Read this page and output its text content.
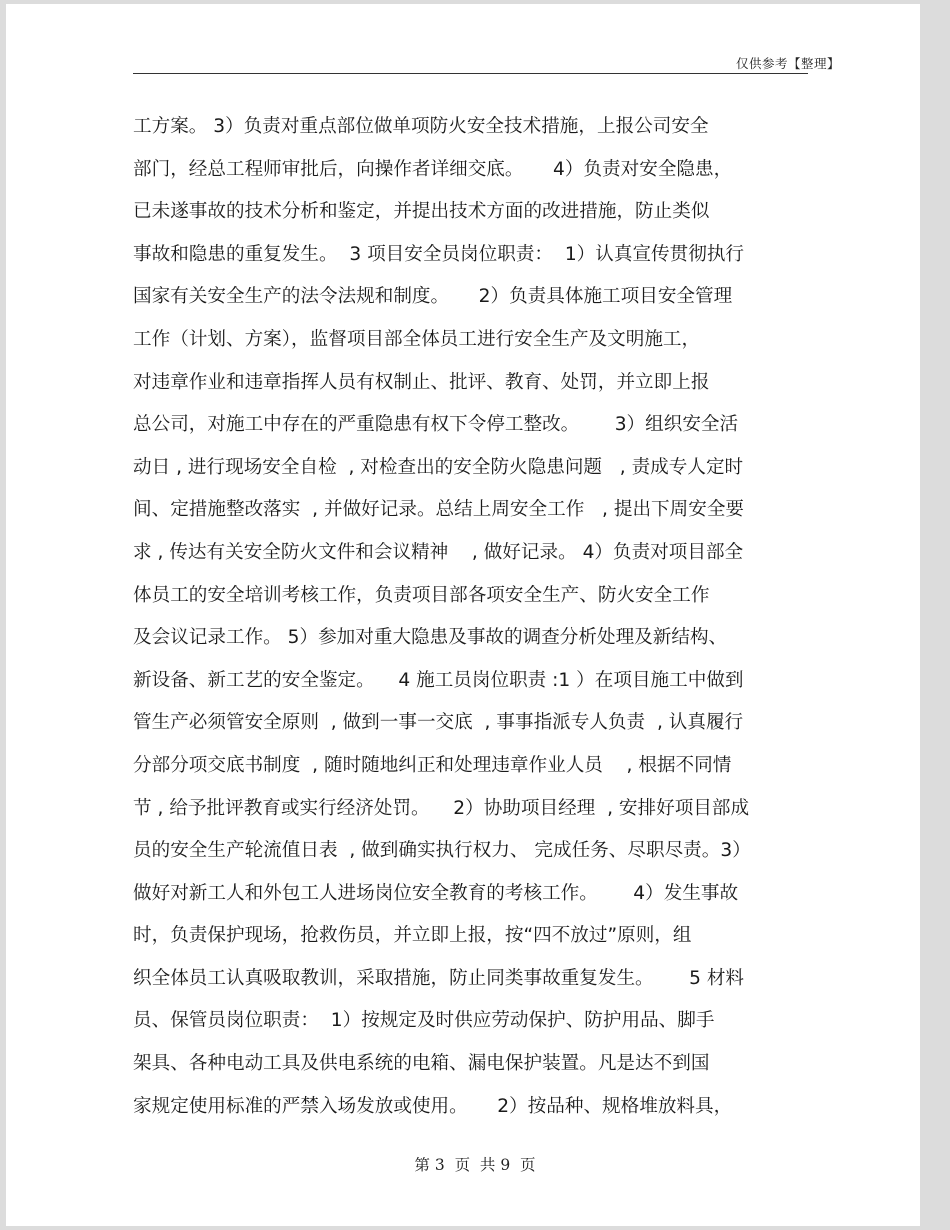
仅供参考【整理】
工方案。 3）负责对重点部位做单项防火安全技术措施，上报公司安全
部门，经总工程师审批后，向操作者详细交底。     4）负责对安全隐患，
已未遂事故的技术分析和鉴定，并提出技术方面的改进措施，防止类似
事故和隐患的重复发生。  3 项目安全员岗位职责：  1）认真宣传贯彻执行
国家有关安全生产的法令法规和制度。     2）负责具体施工项目安全管理
工作（计划、方案），监督项目部全体员工进行安全生产及文明施工，
对违章作业和违章指挥人员有权制止、批评、教育、处罚，并立即上报
总公司，对施工中存在的严重隐患有权下令停工整改。      3）组织安全活
动日 , 进行现场安全自检  , 对检查出的安全防火隐患问题   , 责成专人定时
间、定措施整改落实  , 并做好记录。总结上周安全工作   , 提出下周安全要
求 , 传达有关安全防火文件和会议精神    , 做好记录。 4）负责对项目部全
体员工的安全培训考核工作，负责项目部各项安全生产、防火安全工作
及会议记录工作。 5）参加对重大隐患及事故的调查分析处理及新结构、
新设备、新工艺的安全鉴定。    4 施工员岗位职责 :1 ）在项目施工中做到
管生产必须管安全原则  , 做到一事一交底  , 事事指派专人负责  , 认真履行
分部分项交底书制度  , 随时随地纠正和处理违章作业人员    , 根据不同情
节 , 给予批评教育或实行经济处罚。    2）协助项目经理  , 安排好项目部成
员的安全生产轮流值日表  , 做到确实执行权力、 完成任务、尽职尽责。3）
做好对新工人和外包工人进场岗位安全教育的考核工作。      4）发生事故
时，负责保护现场，抢救伤员，并立即上报，按“四不放过”原则，组
织全体员工认真吸取教训，采取措施，防止同类事故重复发生。      5 材料
员、保管员岗位职责：  1）按规定及时供应劳动保护、防护用品、脚手
架具、各种电动工具及供电系统的电箱、漏电保护装置。凡是达不到国
家规定使用标准的严禁入场发放或使用。     2）按品种、规格堆放料具，
第 3  页  共 9  页
